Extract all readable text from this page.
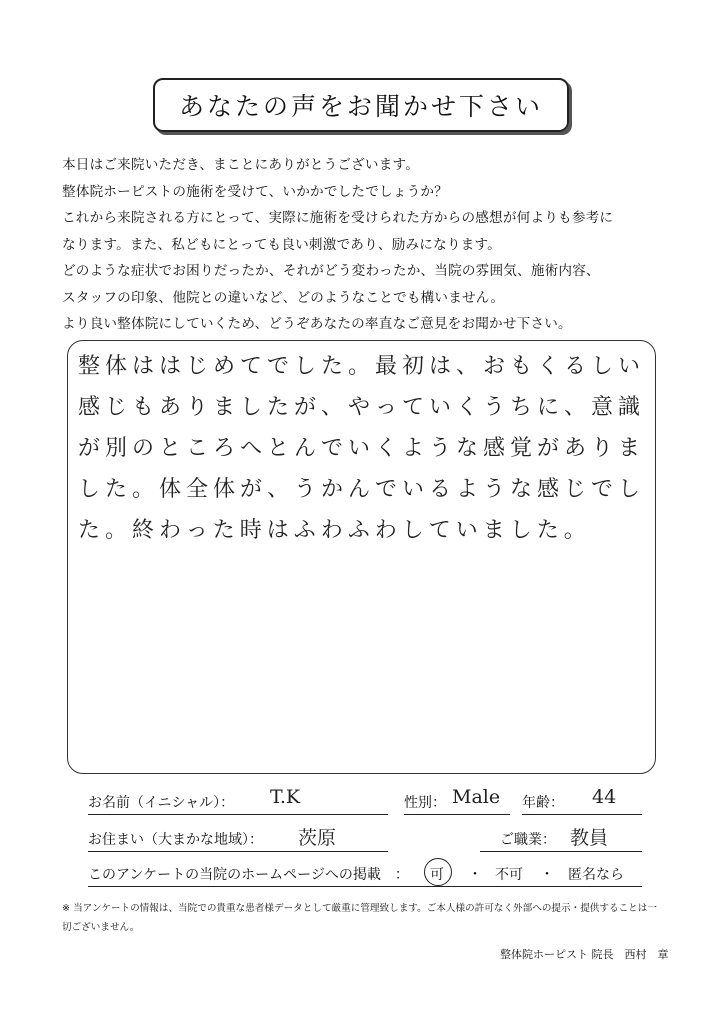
あなたの声をお聞かせ下さい

本日はご来院いただき、まことにありがとうございます。

整体院ホーピストの施術を受けて、いかかでしたでしょうか？

これから来院される方にとって、実際に施術を受けられた方からの感想が何よりも参考に

なります。また、私どもにとっても良い刺激であり、励みになります。

どのような症状でお困りだったか、それがどう変わったか、当院の雰囲気、施術内容、

スタッフの印象、他院との違いなど、どのようなことでも構いません。

より良い整体院にしていくため、どうぞあなたの率直なご意見をお聞かせ下さい。

整体ははじめてでした。最初は、おもくるしい感じもありましたが、やっていくうちに、意識が別のところへとんでいくような感覚がありました。体全体が、うかんでいるような感じでした。終わった時はふわふわしていました。
お名前（イニシャル）： T.K	性別： Male 年齢： 44
お住まい（大まかな地域）： 茨原	ご職業： 教員
このアンケートの当院のホームページへの掲載　： 可 ・ 不可 ・ 匿名なら
※ 当アンケートの情報は、当院での貴重な患者様データとして厳重に管理致します。ご本人様の許可なく外部への提示・提供することは一切ございません。
整体院ホーピスト 院長　西村　章
